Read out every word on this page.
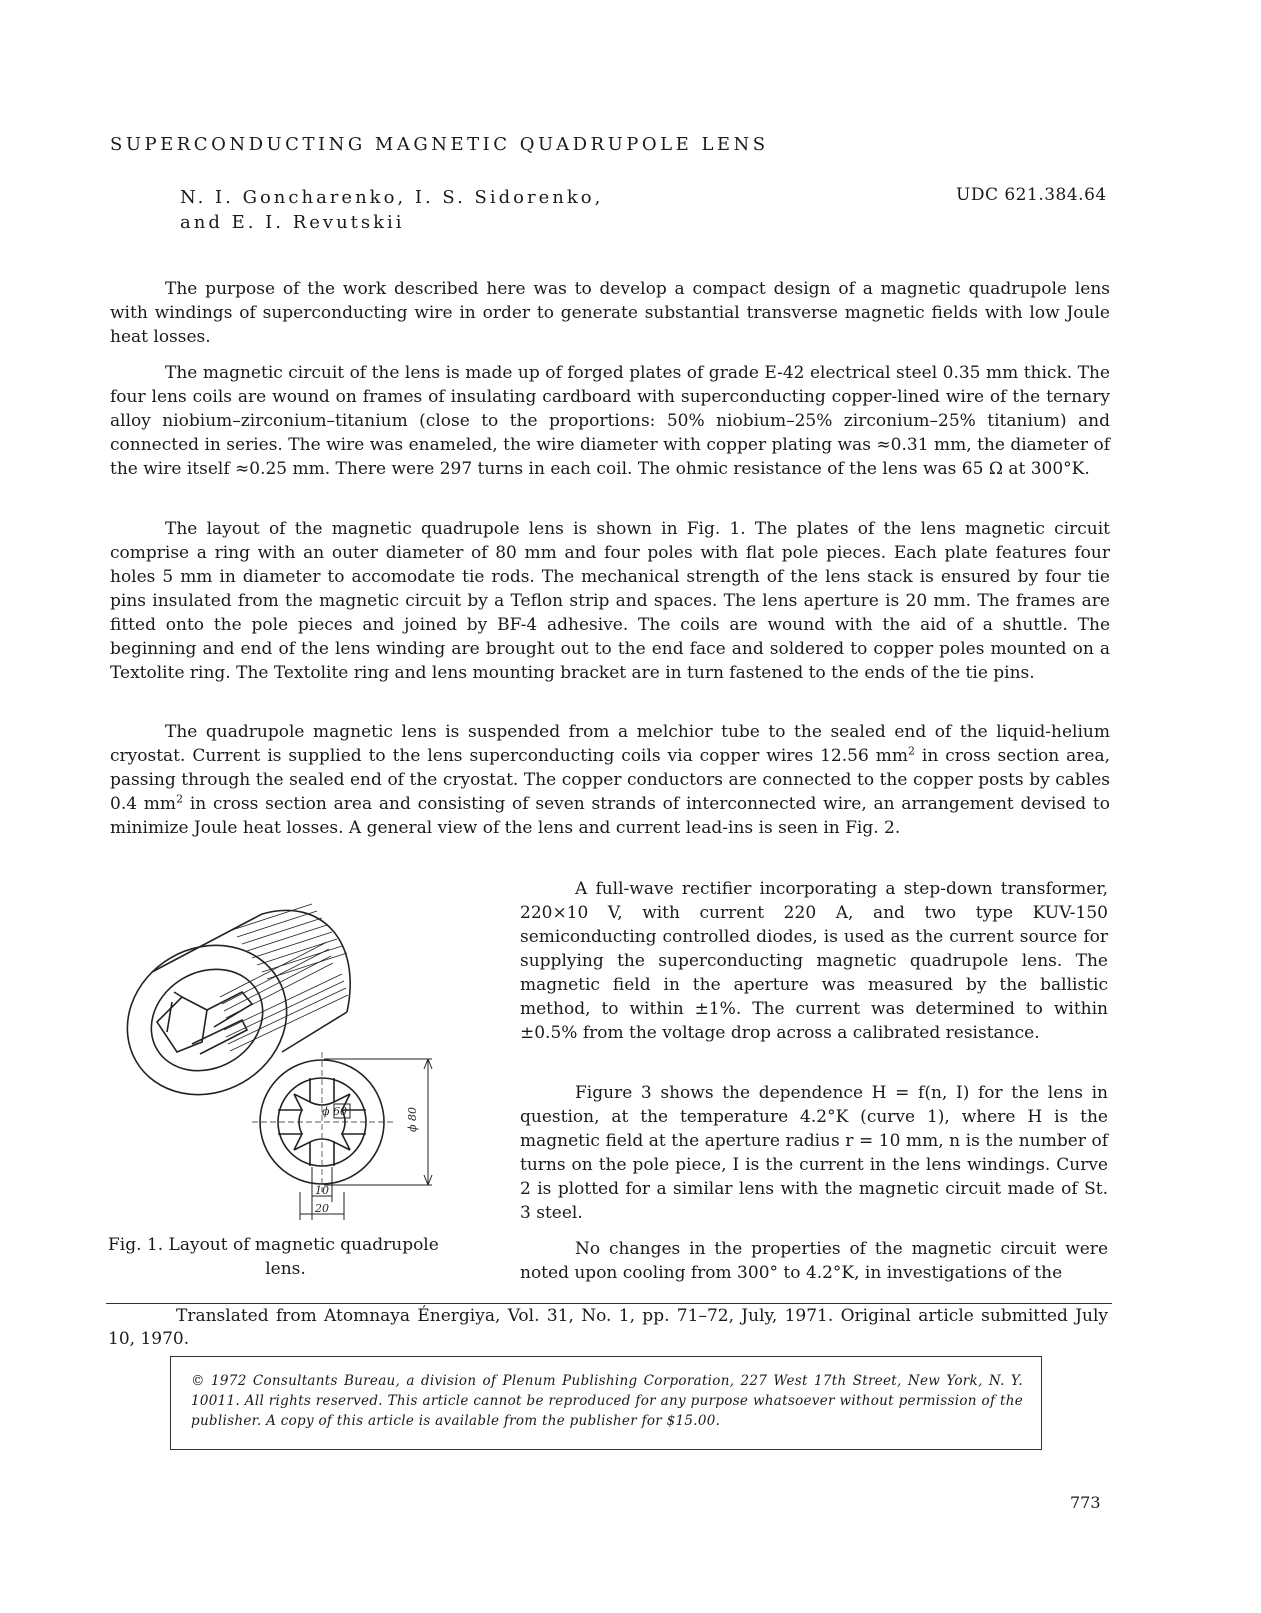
SUPERCONDUCTING MAGNETIC QUADRUPOLE LENS
N. I. Goncharenko, I. S. Sidorenko,
and E. I. Revutskii
UDC 621.384.64

The purpose of the work described here was to develop a compact design of a magnetic quadrupole lens with windings of superconducting wire in order to generate substantial transverse magnetic fields with low Joule heat losses.

The magnetic circuit of the lens is made up of forged plates of grade E-42 electrical steel 0.35 mm thick. The four lens coils are wound on frames of insulating cardboard with superconducting copper-lined wire of the ternary alloy niobium–zirconium–titanium (close to the proportions: 50% niobium–25% zirconium–25% titanium) and connected in series. The wire was enameled, the wire diameter with copper plating was ≈0.31 mm, the diameter of the wire itself ≈0.25 mm. There were 297 turns in each coil. The ohmic resistance of the lens was 65 Ω at 300°K.

The layout of the magnetic quadrupole lens is shown in Fig. 1. The plates of the lens magnetic circuit comprise a ring with an outer diameter of 80 mm and four poles with flat pole pieces. Each plate features four holes 5 mm in diameter to accomodate tie rods. The mechanical strength of the lens stack is ensured by four tie pins insulated from the magnetic circuit by a Teflon strip and spaces. The lens aperture is 20 mm. The frames are fitted onto the pole pieces and joined by BF-4 adhesive. The coils are wound with the aid of a shuttle. The beginning and end of the lens winding are brought out to the end face and soldered to copper poles mounted on a Textolite ring. The Textolite ring and lens mounting bracket are in turn fastened to the ends of the tie pins.

The quadrupole magnetic lens is suspended from a melchior tube to the sealed end of the liquid-helium cryostat. Current is supplied to the lens superconducting coils via copper wires 12.56 $mm^2$ in cross section area, passing through the sealed end of the cryostat. The copper conductors are connected to the copper posts by cables 0.4 $mm^2$ in cross section area and consisting of seven strands of interconnected wire, an arrangement devised to minimize Joule heat losses. A general view of the lens and current lead-ins is seen in Fig. 2.

ϕ 60	ϕ 80
10
20
Fig. 1. Layout of magnetic quadrupole
lens.

A full-wave rectifier incorporating a step-down transformer, 220×10 V, with current 220 A, and two type KUV-150 semiconducting controlled diodes, is used as the current source for supplying the superconducting magnetic quadrupole lens. The magnetic field in the aperture was measured by the ballistic method, to within ±1%. The current was determined to within ±0.5% from the voltage drop across a calibrated resistance.

Figure 3 shows the dependence H = f(n, I) for the lens in question, at the temperature 4.2°K (curve 1), where H is the magnetic field at the aperture radius r = 10 mm, n is the number of turns on the pole piece, I is the current in the lens windings. Curve 2 is plotted for a similar lens with the magnetic circuit made of St. 3 steel.

No changes in the properties of the magnetic circuit were noted upon cooling from 300° to 4.2°K, in investigations of the

Translated from Atomnaya Énergiya, Vol. 31, No. 1, pp. 71–72, July, 1971. Original article submitted July 10, 1970.

© 1972 Consultants Bureau, a division of Plenum Publishing Corporation, 227 West 17th Street, New York, N. Y. 10011. All rights reserved. This article cannot be reproduced for any purpose whatsoever without permission of the publisher. A copy of this article is available from the publisher for $15.00.
773
